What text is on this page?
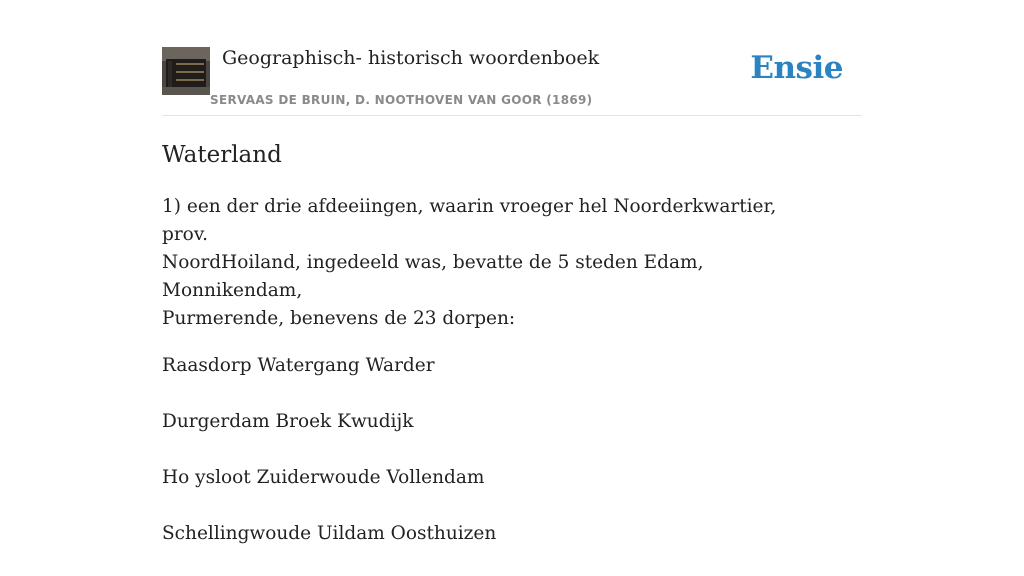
Geographisch- historisch woordenboek
SERVAAS DE BRUIN, D. NOOTHOVEN VAN GOOR (1869)
Ensie
Waterland

1) een der drie afdeeiingen, waarin vroeger hel Noorderkwartier, prov.
NoordHoiland, ingedeeld was, bevatte de 5 steden Edam, Monnikendam,
Purmerende, benevens de 23 dorpen:

Raasdorp Watergang Warder

Durgerdam Broek Kwudijk

Ho ysloot Zuiderwoude Vollendam

Schellingwoude Uildam Oosthuizen
